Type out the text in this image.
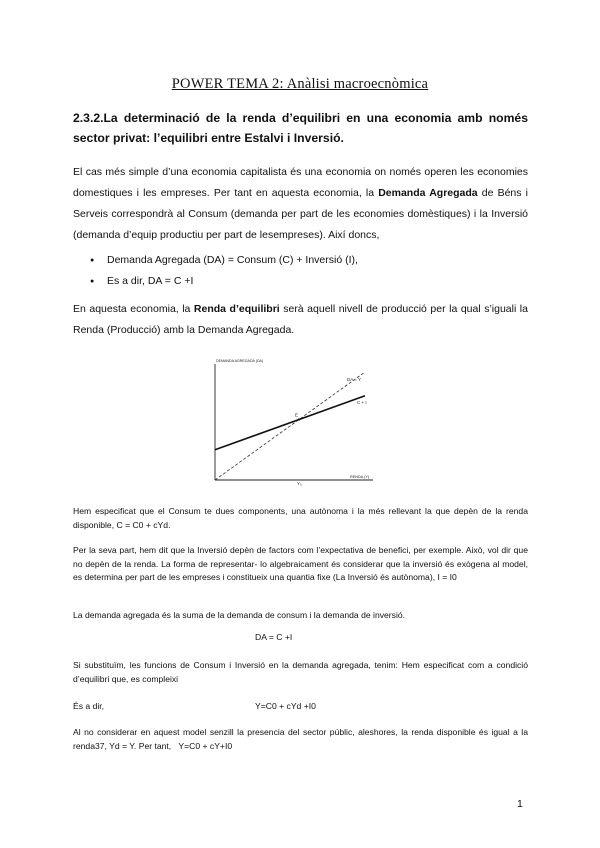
POWER TEMA 2: Anàlisi macroecnòmica
2.3.2.La determinació de la renda d’equilibri en una economia amb només sector privat: l’equilibri entre Estalvi i Inversió.
El cas més simple d’una economia capitalista és una economia on només operen les economies domestiques i les empreses. Per tant en aquesta economia, la Demanda Agregada de Béns i Serveis correspondrà al Consum (demanda per part de les economies domèstiques) i la Inversió (demanda d’equip productiu per part de lesempreses). Així doncs,
● Demanda Agregada (DA) = Consum (C) + Inversió (I),
● Es a dir, DA = C +I
En aquesta economia, la Renda d’equilibri serà aquell nivell de producció per la qual s’iguali la Renda (Producció) amb la Demanda Agregada.
DEMANDA AGREGADA (DA)
DA = Y
C + I
E
Y₀
RENDA (Y)
Hem especificat que el Consum te dues components, una autònoma i la més rellevant la que depèn de la renda disponible, C = C0 + cYd.
Per la seva part, hem dit que la Inversió depèn de factors com l’expectativa de benefici, per exemple. Això, vol dir que no depèn de la renda. La forma de representar- lo algebraicament és considerar que la inversió és exògena al model, es determina per part de les empreses i constitueix una quantia fixe (La Inversió és autònoma), I = I0
La demanda agregada és la suma de la demanda de consum i la demanda de inversió.
DA = C +I
Si substituïm, les funcions de Consum i Inversió en la demanda agregada, tenim: Hem especificat com a condició d’equilibri que, es compleixi
És a dir,	Y=C0 + cYd +I0
Al no considerar en aquest model senzill la presencia del sector públic, aleshores, la renda disponible és igual a la renda37, Yd = Y. Per tant, Y=C0 + cY+I0
1
